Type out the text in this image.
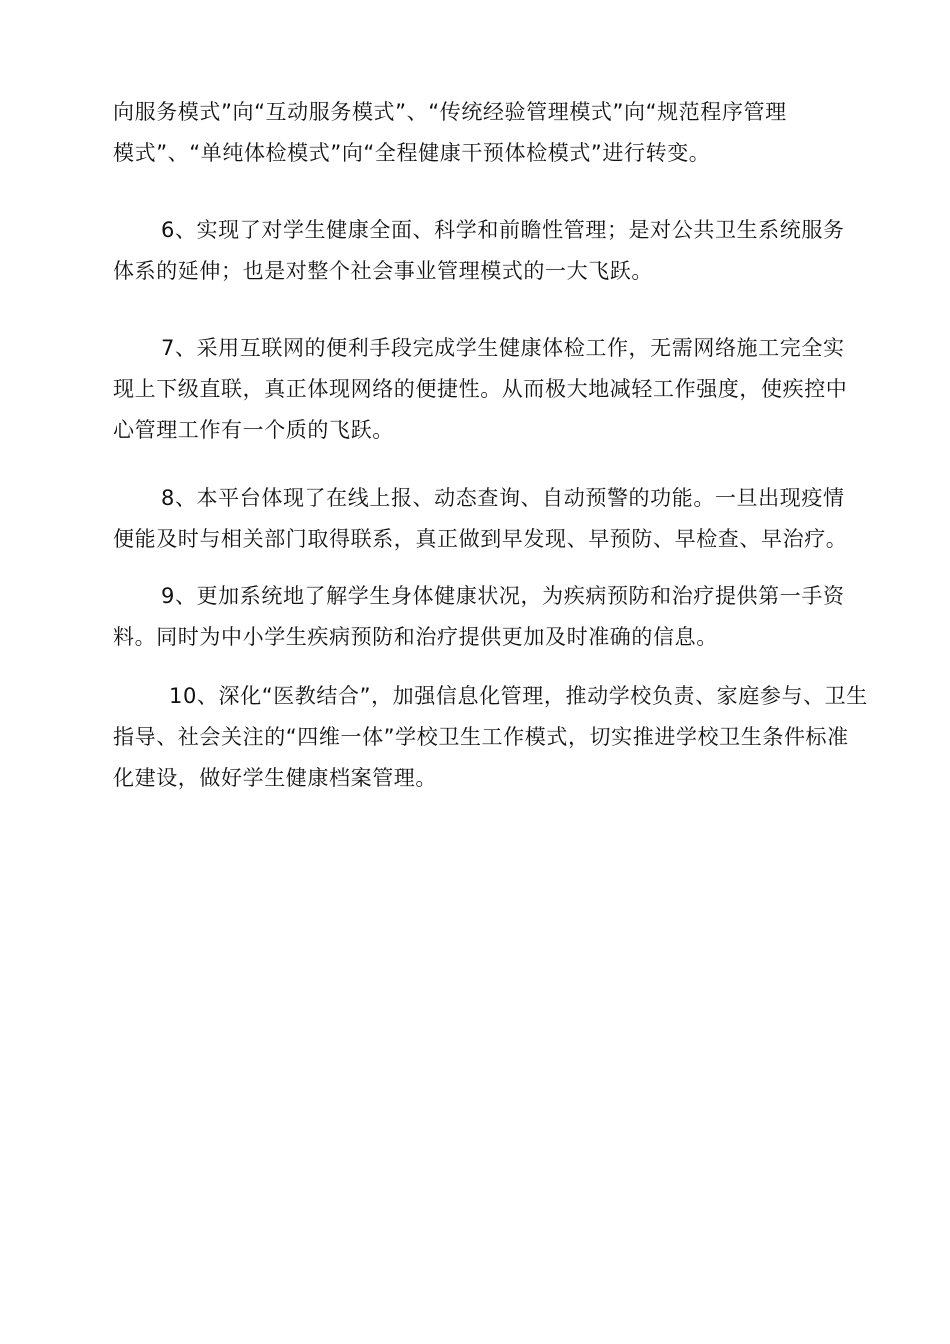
向服务模式”向“互动服务模式”、“传统经验管理模式”向“规范程序管理
模式”、“单纯体检模式”向“全程健康干预体检模式”进行转变。
6、实现了对学生健康全面、科学和前瞻性管理；是对公共卫生系统服务
体系的延伸；也是对整个社会事业管理模式的一大飞跃。
7、采用互联网的便利手段完成学生健康体检工作，无需网络施工完全实
现上下级直联，真正体现网络的便捷性。从而极大地减轻工作强度，使疾控中
心管理工作有一个质的飞跃。
8、本平台体现了在线上报、动态查询、自动预警的功能。一旦出现疫情
便能及时与相关部门取得联系，真正做到早发现、早预防、早检查、早治疗。
9、更加系统地了解学生身体健康状况，为疾病预防和治疗提供第一手资
料。同时为中小学生疾病预防和治疗提供更加及时准确的信息。
10、深化“医教结合”，加强信息化管理，推动学校负责、家庭参与、卫生
指导、社会关注的“四维一体”学校卫生工作模式，切实推进学校卫生条件标准
化建设，做好学生健康档案管理。
